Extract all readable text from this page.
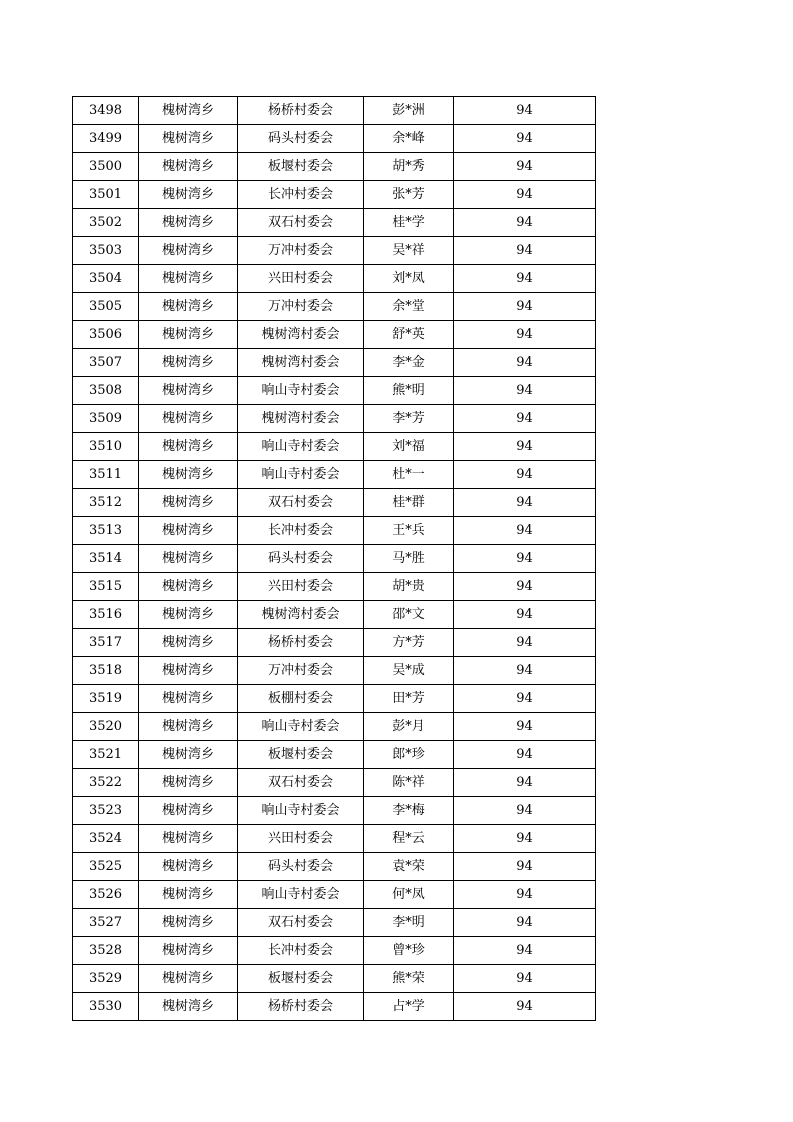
3498	槐树湾乡	杨桥村委会	彭*洲	94
3499	槐树湾乡	码头村委会	余*峰	94
3500	槐树湾乡	板堰村委会	胡*秀	94
3501	槐树湾乡	长冲村委会	张*芳	94
3502	槐树湾乡	双石村委会	桂*学	94
3503	槐树湾乡	万冲村委会	吴*祥	94
3504	槐树湾乡	兴田村委会	刘*凤	94
3505	槐树湾乡	万冲村委会	余*堂	94
3506	槐树湾乡	槐树湾村委会	舒*英	94
3507	槐树湾乡	槐树湾村委会	李*金	94
3508	槐树湾乡	响山寺村委会	熊*明	94
3509	槐树湾乡	槐树湾村委会	李*芳	94
3510	槐树湾乡	响山寺村委会	刘*福	94
3511	槐树湾乡	响山寺村委会	杜*一	94
3512	槐树湾乡	双石村委会	桂*群	94
3513	槐树湾乡	长冲村委会	王*兵	94
3514	槐树湾乡	码头村委会	马*胜	94
3515	槐树湾乡	兴田村委会	胡*贵	94
3516	槐树湾乡	槐树湾村委会	邵*文	94
3517	槐树湾乡	杨桥村委会	方*芳	94
3518	槐树湾乡	万冲村委会	吴*成	94
3519	槐树湾乡	板棚村委会	田*芳	94
3520	槐树湾乡	响山寺村委会	彭*月	94
3521	槐树湾乡	板堰村委会	郎*珍	94
3522	槐树湾乡	双石村委会	陈*祥	94
3523	槐树湾乡	响山寺村委会	李*梅	94
3524	槐树湾乡	兴田村委会	程*云	94
3525	槐树湾乡	码头村委会	袁*荣	94
3526	槐树湾乡	响山寺村委会	何*凤	94
3527	槐树湾乡	双石村委会	李*明	94
3528	槐树湾乡	长冲村委会	曾*珍	94
3529	槐树湾乡	板堰村委会	熊*荣	94
3530	槐树湾乡	杨桥村委会	占*学	94
